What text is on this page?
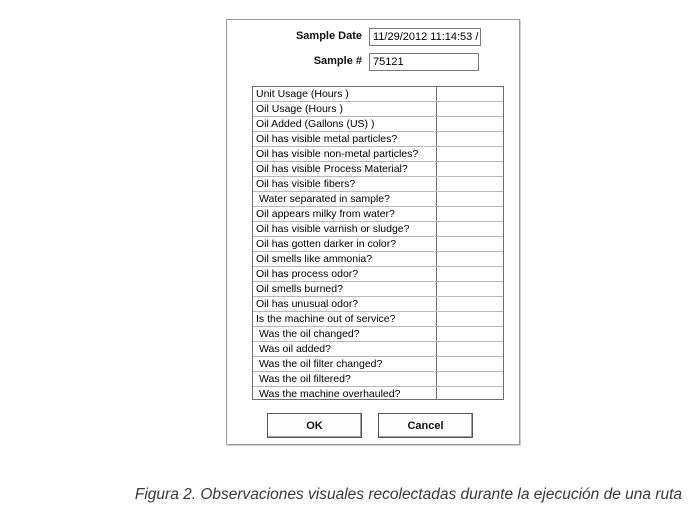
Sample Date	11/29/2012 11:14:53 /
Sample #	75121
Unit Usage (Hours )
Oil Usage (Hours )
Oil Added (Gallons (US) )
Oil has visible metal particles?
Oil has visible non-metal particles?
Oil has visible Process Material?
Oil has visible fibers?
Water separated in sample?
Oil appears milky from water?
Oil has visible varnish or sludge?
Oil has gotten darker in color?
Oil smells like ammonia?
Oil has process odor?
Oil smells burned?
Oil has unusual odor?
Is the machine out of service?
Was the oil changed?
Was oil added?
Was the oil filter changed?
Was the oil filtered?
Was the machine overhauled?
OK	Cancel
Figura 2. Observaciones visuales recolectadas durante la ejecución de una ruta
